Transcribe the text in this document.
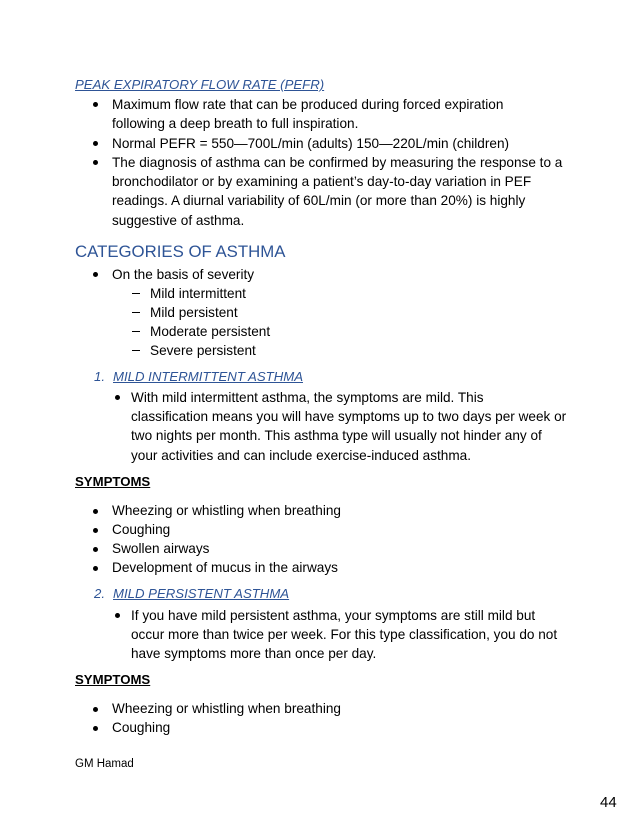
PEAK EXPIRATORY FLOW RATE (PEFR)
Maximum flow rate that can be produced during forced expiration
following a deep breath to full inspiration.
Normal PEFR = 550—700L/min (adults) 150—220L/min (children)
The diagnosis of asthma can be confirmed by measuring the response to a
bronchodilator or by examining a patient’s day-to-day variation in PEF
readings. A diurnal variability of 60L/min (or more than 20%) is highly
suggestive of asthma.
CATEGORIES OF ASTHMA
On the basis of severity
Mild intermittent
Mild persistent
Moderate persistent
Severe persistent
1. MILD INTERMITTENT ASTHMA
With mild intermittent asthma, the symptoms are mild. This
classification means you will have symptoms up to two days per week or
two nights per month. This asthma type will usually not hinder any of
your activities and can include exercise-induced asthma.
SYMPTOMS
Wheezing or whistling when breathing
Coughing
Swollen airways
Development of mucus in the airways
2. MILD PERSISTENT ASTHMA
If you have mild persistent asthma, your symptoms are still mild but
occur more than twice per week. For this type classification, you do not
have symptoms more than once per day.
SYMPTOMS
Wheezing or whistling when breathing
Coughing
GM Hamad
44
